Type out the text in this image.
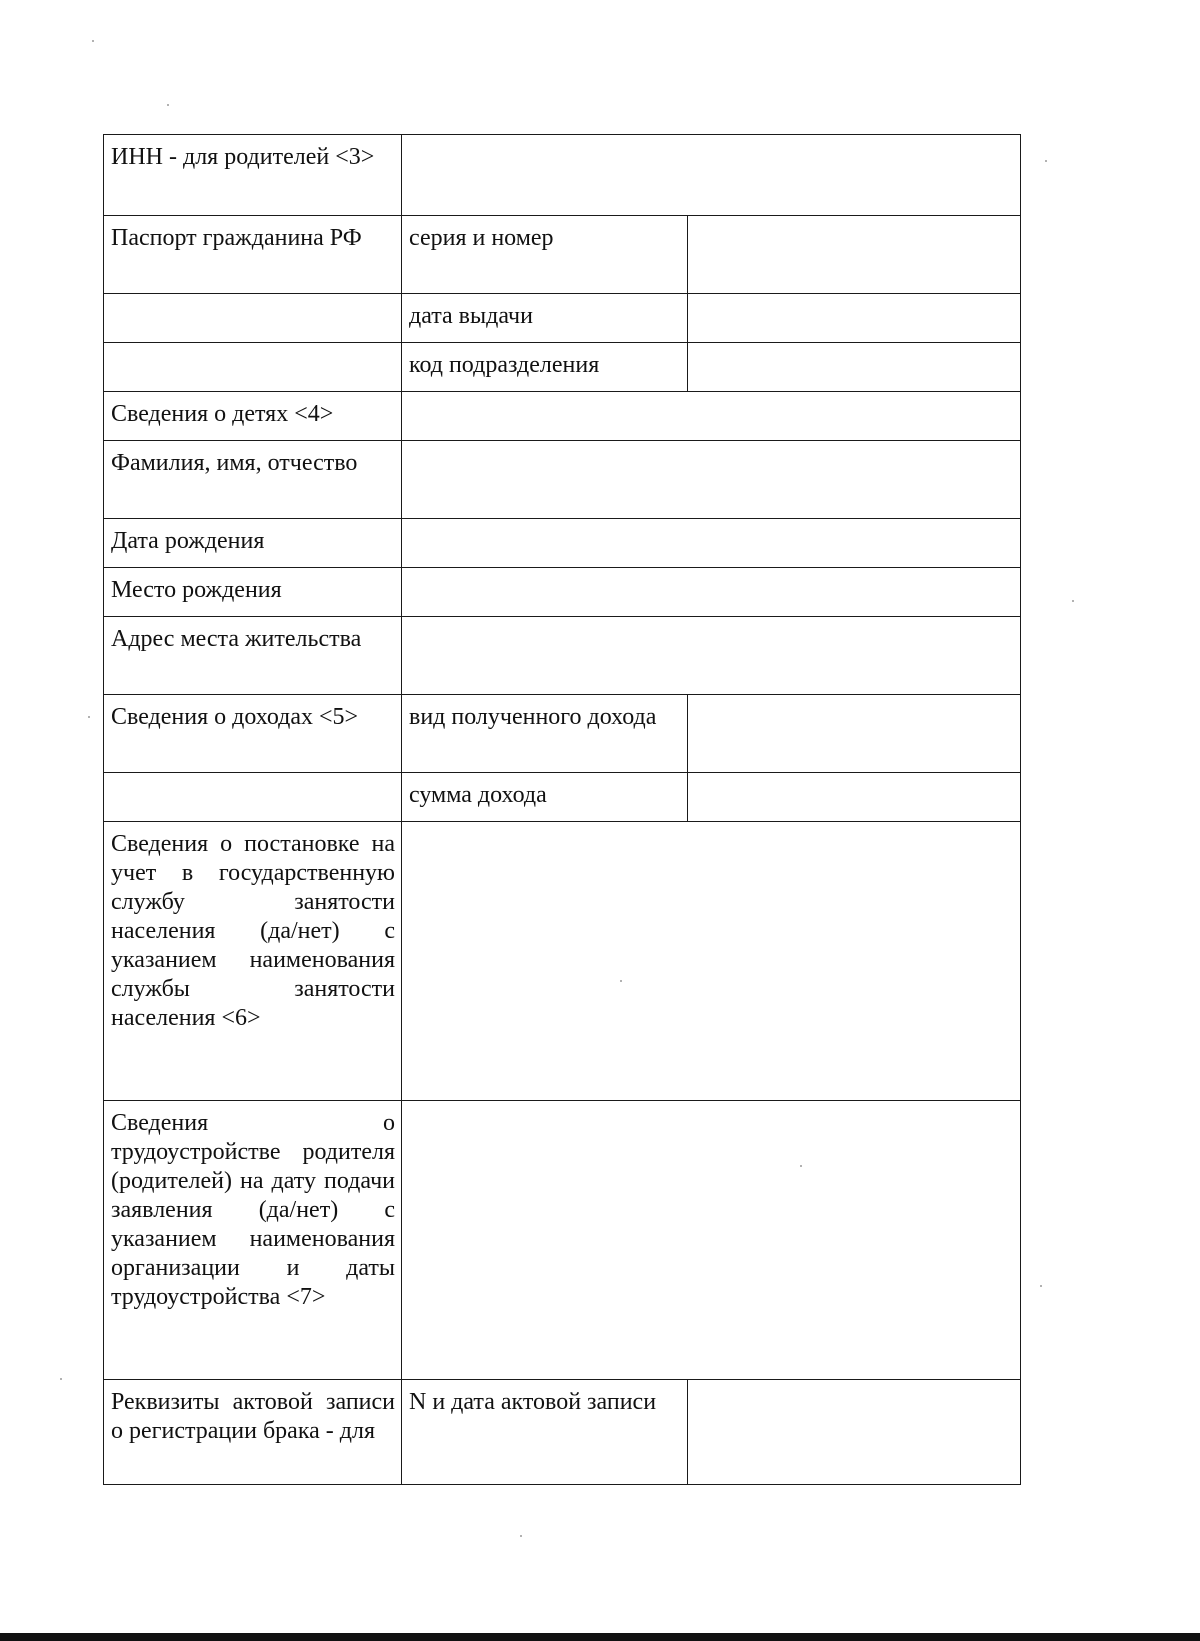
ИНН - для родителей <3>		
Паспорт гражданина РФ	серия и номер	
	дата выдачи	
	код подразделения	
Сведения о детях <4>		
Фамилия, имя, отчество		
Дата рождения		
Место рождения		
Адрес места жительства		
Сведения о доходах <5>	вид полученного дохода	
	сумма дохода	
Сведения о постановке на учет в государственную службу занятости населения (да/нет) с указанием наименования службы занятости населения <6>		
Сведения о трудоустройстве родителя (родителей) на дату подачи заявления (да/нет) с указанием наименования организации и даты трудоустройства <7>		
Реквизиты актовой записи о регистрации брака - для	N и дата актовой записи	
